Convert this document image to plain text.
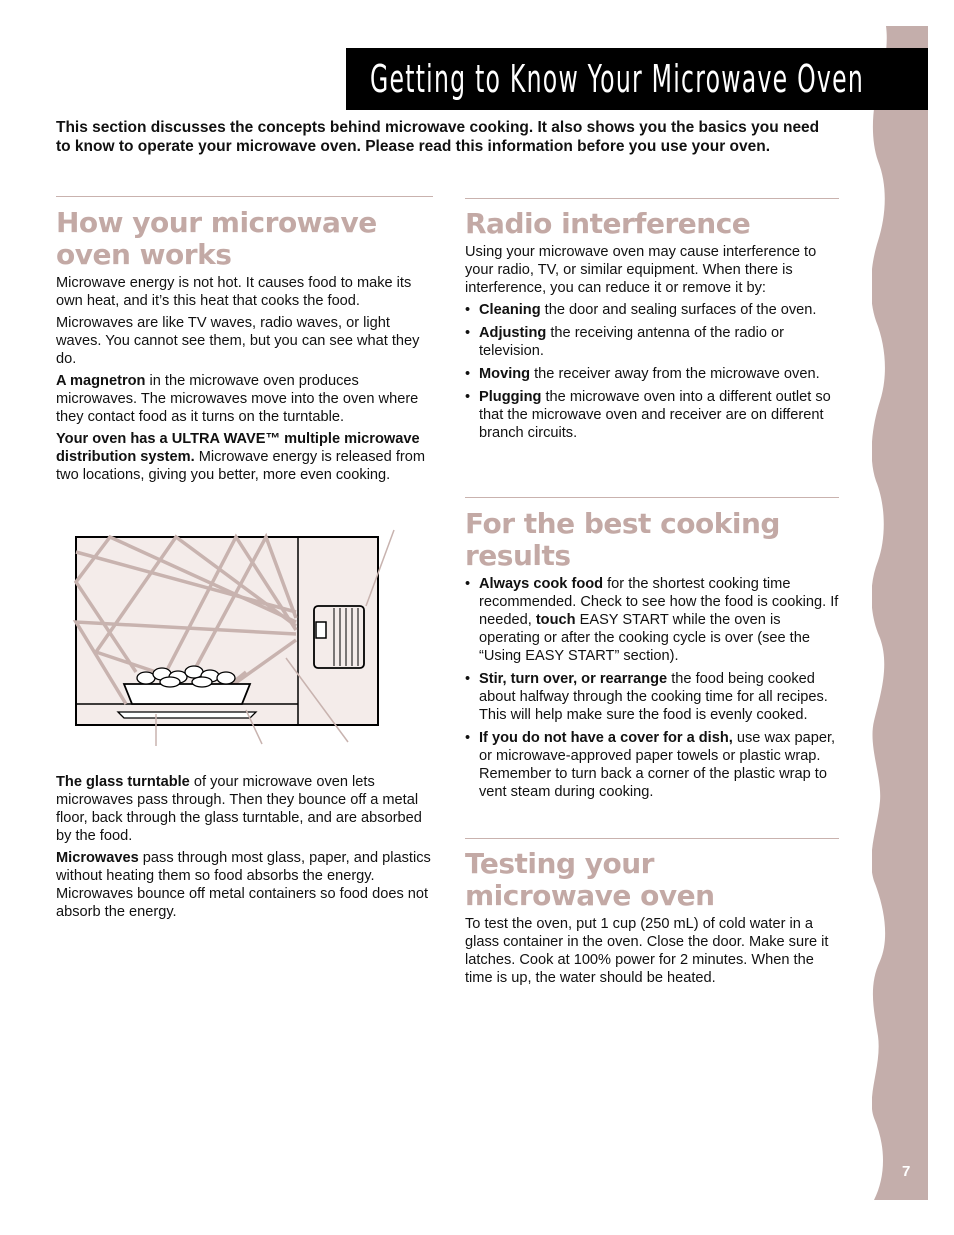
Getting to Know Your Microwave Oven
This section discusses the concepts behind microwave cooking. It also shows you the basics you need to know to operate your microwave oven. Please read this information before you use your oven.
How your microwave oven works

Microwave energy is not hot. It causes food to make its own heat, and it’s this heat that cooks the food.

Microwaves are like TV waves, radio waves, or light waves. You cannot see them, but you can see what they do.

A magnetron in the microwave oven produces microwaves. The microwaves move into the oven where they contact food as it turns on the turntable.

Your oven has a ULTRA WAVE™ multiple microwave distribution system. Microwave energy is released from two locations, giving you better, more even cooking.

The glass turntable of your microwave oven lets microwaves pass through. Then they bounce off a metal floor, back through the glass turntable, and are absorbed by the food.

Microwaves pass through most glass, paper, and plastics without heating them so food absorbs the energy. Microwaves bounce off metal containers so food does not absorb the energy.

Radio interference

Using your microwave oven may cause interference to your radio, TV, or similar equipment. When there is interference, you can reduce it or remove it by:

• Cleaning the door and sealing surfaces of the oven.
• Adjusting the receiving antenna of the radio or television.
• Moving the receiver away from the microwave oven.
• Plugging the microwave oven into a different outlet so that the microwave oven and receiver are on different branch circuits.
For the best cooking results
• Always cook food for the shortest cooking time recommended. Check to see how the food is cooking. If needed, touch EASY START while the oven is operating or after the cooking cycle is over (see the “Using EASY START” section).
• Stir, turn over, or rearrange the food being cooked about halfway through the cooking time for all recipes. This will help make sure the food is evenly cooked.
• If you do not have a cover for a dish, use wax paper, or microwave-approved paper towels or plastic wrap. Remember to turn back a corner of the plastic wrap to vent steam during cooking.
Testing your microwave oven

To test the oven, put 1 cup (250 mL) of cold water in a glass container in the oven. Close the door. Make sure it latches. Cook at 100% power for 2 minutes. When the time is up, the water should be heated.

7
